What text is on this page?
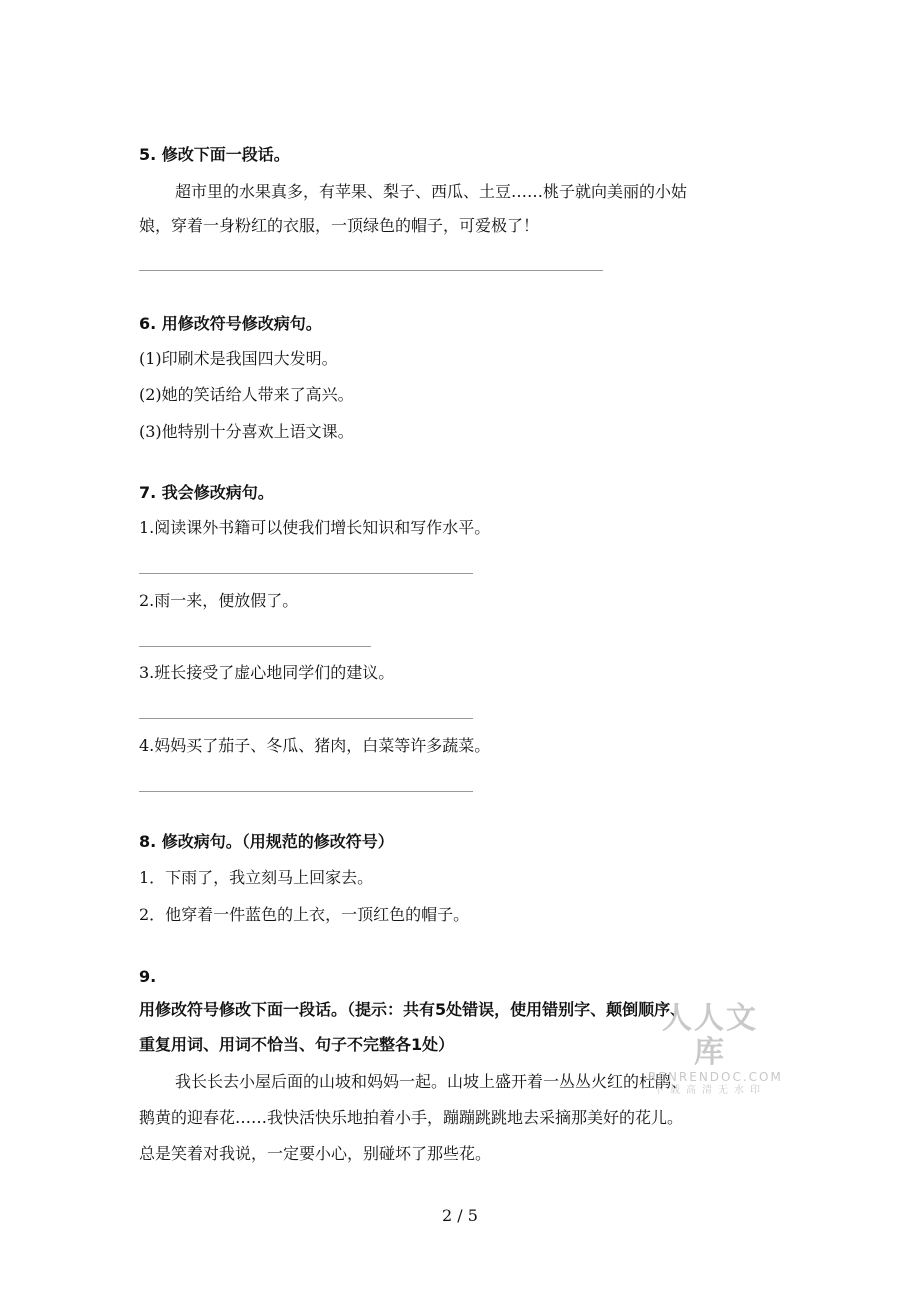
5. 修改下面一段话。
超市里的水果真多，有苹果、梨子、西瓜、土豆……桃子就向美丽的小姑
娘，穿着一身粉红的衣服，一顶绿色的帽子，可爱极了！
6. 用修改符号修改病句。
(1)印刷术是我国四大发明。
(2)她的笑话给人带来了高兴。
(3)他特别十分喜欢上语文课。
7. 我会修改病句。
1.阅读课外书籍可以使我们增长知识和写作水平。
2.雨一来，便放假了。
3.班长接受了虚心地同学们的建议。
4.妈妈买了茄子、冬瓜、猪肉，白菜等许多蔬菜。
8. 修改病句。（用规范的修改符号）
1．下雨了，我立刻马上回家去。
2．他穿着一件蓝色的上衣，一顶红色的帽子。
9.
用修改符号修改下面一段话。（提示：共有5处错误，使用错别字、颠倒顺序、
重复用词、用词不恰当、句子不完整各1处）
我长长去小屋后面的山坡和妈妈一起。山坡上盛开着一丛丛火红的杜鹃、
鹅黄的迎春花……我快活快乐地拍着小手，蹦蹦跳跳地去采摘那美好的花儿。
总是笑着对我说，一定要小心，别碰坏了那些花。
人人文库
RENRENDOC.COM
下载高清无水印
2 / 5
